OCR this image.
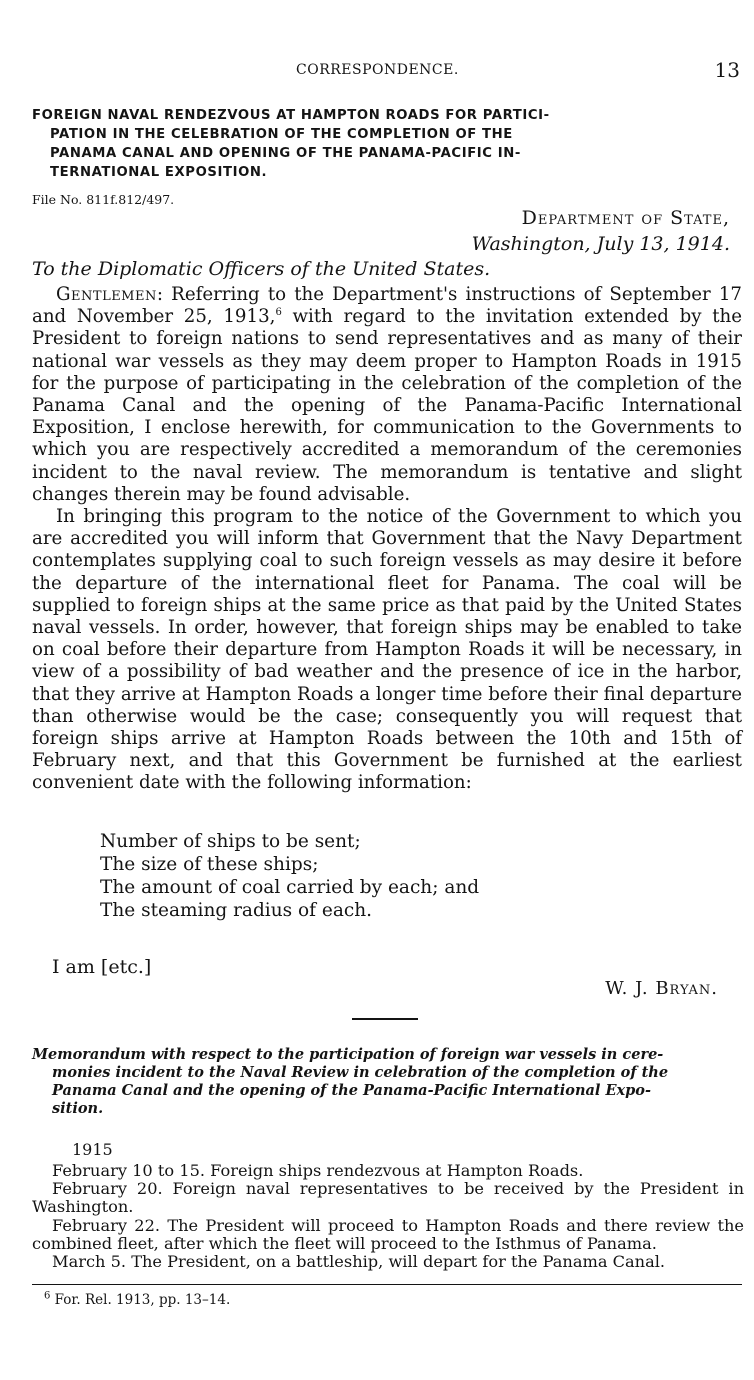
CORRESPONDENCE.	13
FOREIGN NAVAL RENDEZVOUS AT HAMPTON ROADS FOR PARTICI-
PATION IN THE CELEBRATION OF THE COMPLETION OF THE
PANAMA CANAL AND OPENING OF THE PANAMA-PACIFIC IN-
TERNATIONAL EXPOSITION.
File No. 811f.812/497.
Department of State,
Washington, July 13, 1914.
To the Diplomatic Officers of the United States.

Gentlemen: Referring to the Department's instructions of September 17 and November 25, 1913,$^6$ with regard to the invitation extended by the President to foreign nations to send representatives and as many of their national war vessels as they may deem proper to Hampton Roads in 1915 for the purpose of participating in the celebration of the completion of the Panama Canal and the opening of the Panama-Pacific International Exposition, I enclose herewith, for communication to the Governments to which you are respectively accredited a memorandum of the ceremonies incident to the naval review. The memorandum is tentative and slight changes therein may be found advisable.

In bringing this program to the notice of the Government to which you are accredited you will inform that Government that the Navy Department contemplates supplying coal to such foreign vessels as may desire it before the departure of the international fleet for Panama. The coal will be supplied to foreign ships at the same price as that paid by the United States naval vessels. In order, however, that foreign ships may be enabled to take on coal before their departure from Hampton Roads it will be necessary, in view of a possibility of bad weather and the presence of ice in the harbor, that they arrive at Hampton Roads a longer time before their final departure than otherwise would be the case; consequently you will request that foreign ships arrive at Hampton Roads between the 10th and 15th of February next, and that this Government be furnished at the earliest convenient date with the following information:

Number of ships to be sent;
The size of these ships;
The amount of coal carried by each; and
The steaming radius of each.
I am [etc.]
W. J. Bryan.
Memorandum with respect to the participation of foreign war vessels in cere-
monies incident to the Naval Review in celebration of the completion of the
Panama Canal and the opening of the Panama-Pacific International Expo-
sition.
1915

February 10 to 15. Foreign ships rendezvous at Hampton Roads.

February 20. Foreign naval representatives to be received by the President in Washington.

February 22. The President will proceed to Hampton Roads and there review the combined fleet, after which the fleet will proceed to the Isthmus of Panama.

March 5. The President, on a battleship, will depart for the Panama Canal.

$^6$ For. Rel. 1913, pp. 13–14.
